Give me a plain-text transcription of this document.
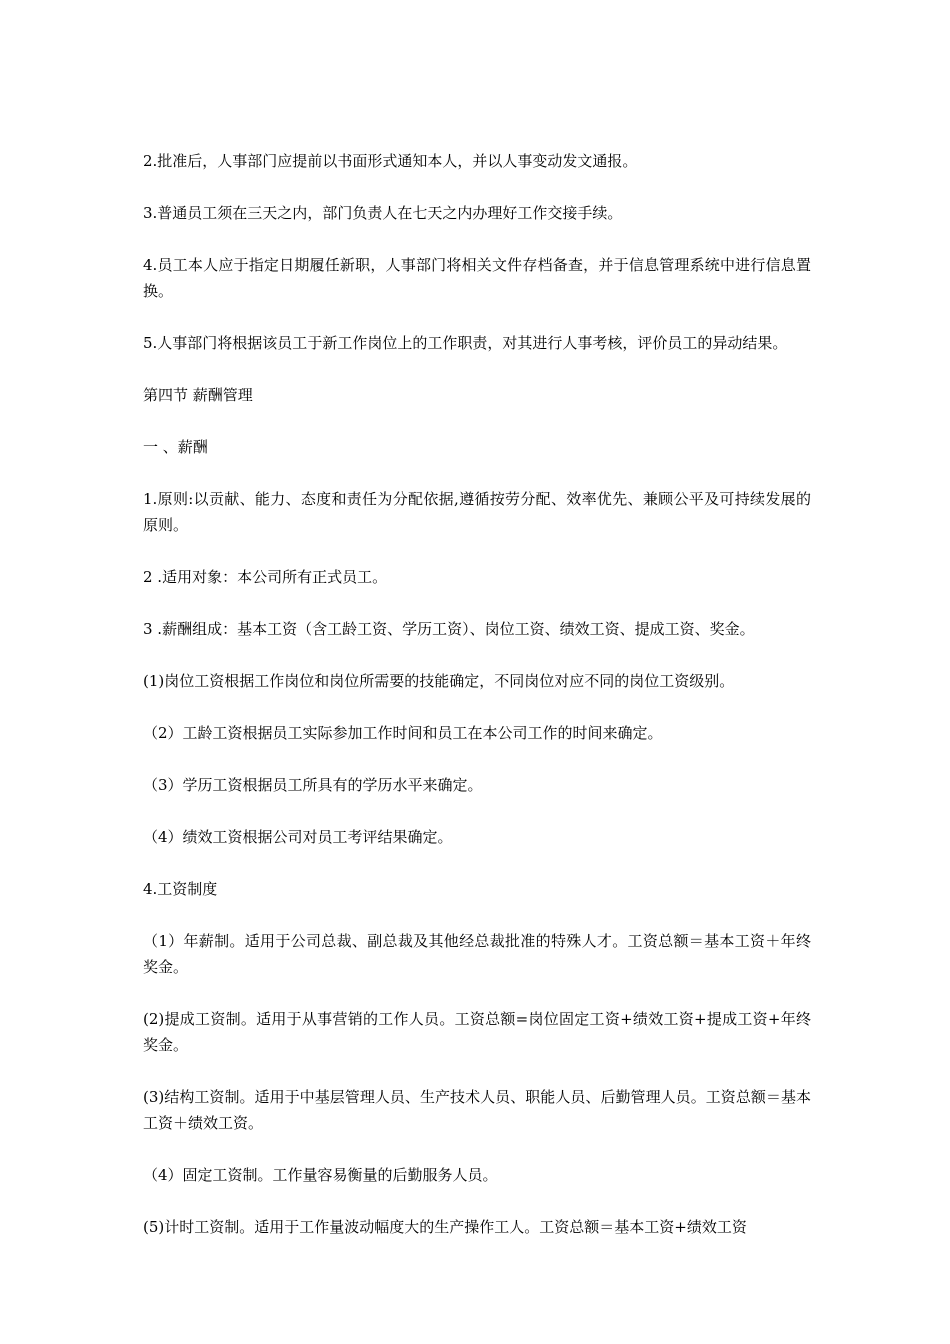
2.批准后，人事部门应提前以书面形式通知本人，并以人事变动发文通报。

3.普通员工须在三天之内，部门负责人在七天之内办理好工作交接手续。

4.员工本人应于指定日期履任新职，人事部门将相关文件存档备查，并于信息管理系统中进行信息置换。

5.人事部门将根据该员工于新工作岗位上的工作职责，对其进行人事考核，评价员工的异动结果。

第四节 薪酬管理

一 、薪酬

1.原则:以贡献、能力、态度和责任为分配依据,遵循按劳分配、效率优先、兼顾公平及可持续发展的原则。

2 .适用对象：本公司所有正式员工。

3 .薪酬组成：基本工资（含工龄工资、学历工资）、岗位工资、绩效工资、提成工资、奖金。

(1)岗位工资根据工作岗位和岗位所需要的技能确定，不同岗位对应不同的岗位工资级别。

（2）工龄工资根据员工实际参加工作时间和员工在本公司工作的时间来确定。

（3）学历工资根据员工所具有的学历水平来确定。

（4）绩效工资根据公司对员工考评结果确定。

4.工资制度

（1）年薪制。适用于公司总裁、副总裁及其他经总裁批准的特殊人才。工资总额＝基本工资＋年终奖金。

(2)提成工资制。适用于从事营销的工作人员。工资总额=岗位固定工资+绩效工资+提成工资+年终奖金。

(3)结构工资制。适用于中基层管理人员、生产技术人员、职能人员、后勤管理人员。工资总额＝基本工资＋绩效工资。

（4）固定工资制。工作量容易衡量的后勤服务人员。

(5)计时工资制。适用于工作量波动幅度大的生产操作工人。工资总额＝基本工资+绩效工资
